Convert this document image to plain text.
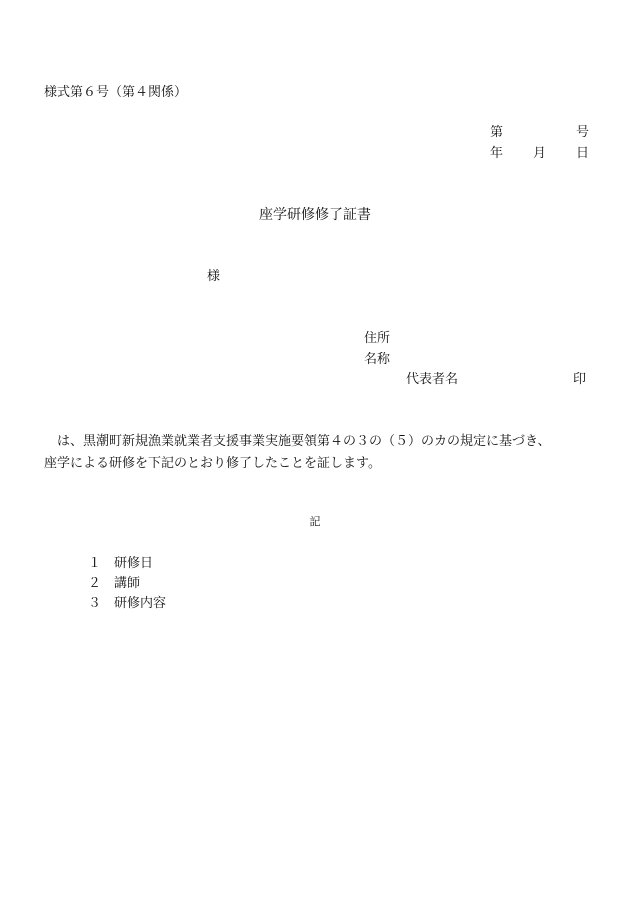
様式第６号（第４関係）
第	号
年 月 日
座学研修修了証書
様
住所
名称
代表者名	印
　は、黒潮町新規漁業就業者支援事業実施要領第４の３の（５）のカの規定に基づき、
座学による研修を下記のとおり修了したことを証します。
記
１ 研修日
２ 講師
３ 研修内容
